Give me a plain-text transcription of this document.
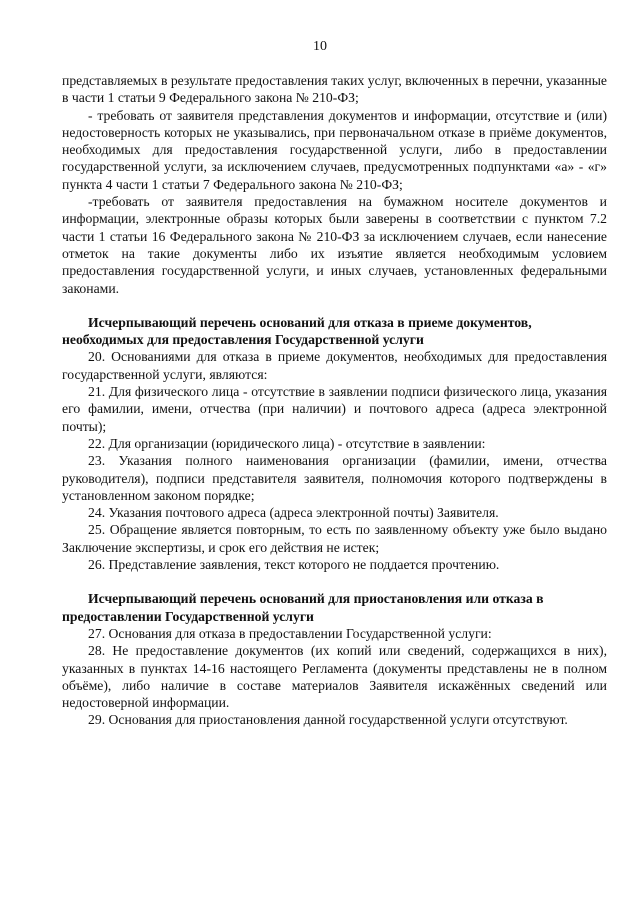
10

представляемых в результате предоставления таких услуг, включенных в перечни, указанные в части 1 статьи 9 Федерального закона № 210-ФЗ;

- требовать от заявителя представления документов и информации, отсутствие и (или) недостоверность которых не указывались, при первоначальном отказе в приёме документов, необходимых для предоставления государственной услуги, либо в предоставлении государственной услуги, за исключением случаев, предусмотренных подпунктами «а» - «г» пункта 4 части 1 статьи 7 Федерального закона № 210-ФЗ;

-требовать от заявителя предоставления на бумажном носителе документов и информации, электронные образы которых были заверены в соответствии с пунктом 7.2 части 1 статьи 16 Федерального закона № 210-ФЗ за исключением случаев, если нанесение отметок на такие документы либо их изъятие является необходимым условием предоставления государственной услуги, и иных случаев, установленных федеральными законами.

Исчерпывающий перечень оснований для отказа в приеме документов, необходимых для предоставления Государственной услуги

20. Основаниями для отказа в приеме документов, необходимых для предоставления государственной услуги, являются:

21. Для физического лица - отсутствие в заявлении подписи физического лица, указания его фамилии, имени, отчества (при наличии) и почтового адреса (адреса электронной почты);

22. Для организации (юридического лица) - отсутствие в заявлении:

23. Указания полного наименования организации (фамилии, имени, отчества руководителя), подписи представителя заявителя, полномочия которого подтверждены в установленном законом порядке;

24. Указания почтового адреса (адреса электронной почты) Заявителя.

25. Обращение является повторным, то есть по заявленному объекту уже было выдано Заключение экспертизы, и срок его действия не истек;

26. Представление заявления, текст которого не поддается прочтению.

Исчерпывающий перечень оснований для приостановления или отказа в предоставлении Государственной услуги

27. Основания для отказа в предоставлении Государственной услуги:

28. Не предоставление документов (их копий или сведений, содержащихся в них), указанных в пунктах 14-16 настоящего Регламента (документы представлены не в полном объёме), либо наличие в составе материалов Заявителя искажённых сведений или недостоверной информации.

29. Основания для приостановления данной государственной услуги отсутствуют.
